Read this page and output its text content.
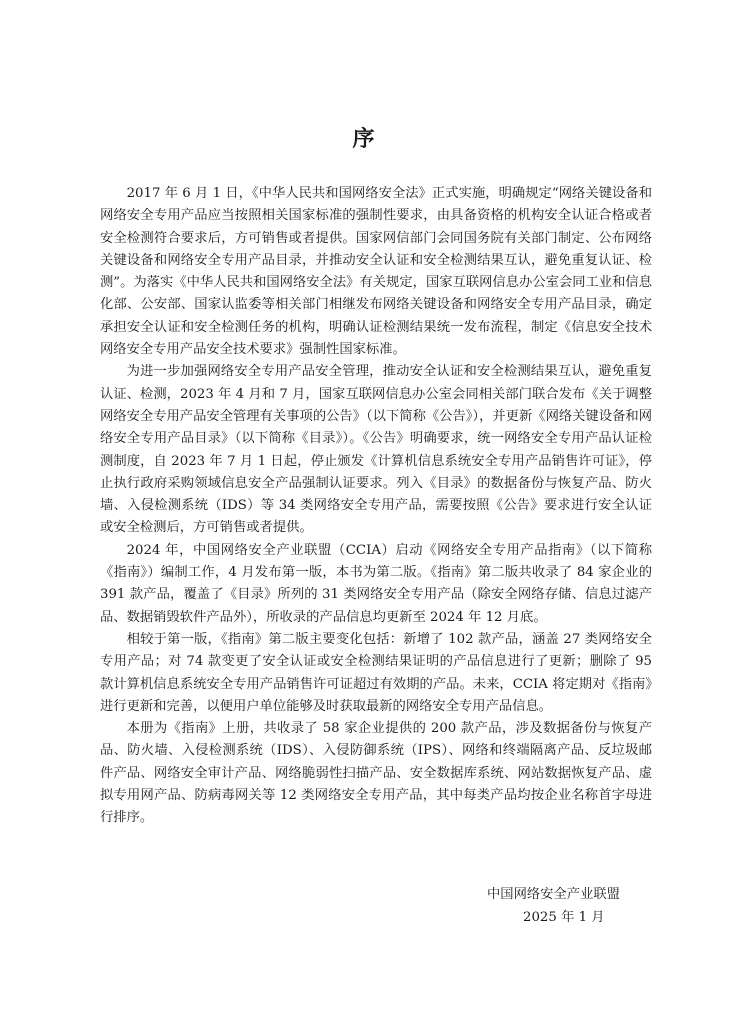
序

2017 年 6 月 1 日，《中华人民共和国网络安全法》正式实施，明确规定“网络关键设备和网络安全专用产品应当按照相关国家标准的强制性要求，由具备资格的机构安全认证合格或者安全检测符合要求后，方可销售或者提供。国家网信部门会同国务院有关部门制定、公布网络关键设备和网络安全专用产品目录，并推动安全认证和安全检测结果互认，避免重复认证、检测”。为落实《中华人民共和国网络安全法》有关规定，国家互联网信息办公室会同工业和信息化部、公安部、国家认监委等相关部门相继发布网络关键设备和网络安全专用产品目录，确定承担安全认证和安全检测任务的机构，明确认证检测结果统一发布流程，制定《信息安全技术 网络安全专用产品安全技术要求》强制性国家标准。

为进一步加强网络安全专用产品安全管理，推动安全认证和安全检测结果互认，避免重复认证、检测，2023 年 4 月和 7 月，国家互联网信息办公室会同相关部门联合发布《关于调整网络安全专用产品安全管理有关事项的公告》（以下简称《公告》），并更新《网络关键设备和网络安全专用产品目录》（以下简称《目录》）。《公告》明确要求，统一网络安全专用产品认证检测制度，自 2023 年 7 月 1 日起，停止颁发《计算机信息系统安全专用产品销售许可证》，停止执行政府采购领域信息安全产品强制认证要求。列入《目录》的数据备份与恢复产品、防火墙、入侵检测系统（IDS）等 34 类网络安全专用产品，需要按照《公告》要求进行安全认证或安全检测后，方可销售或者提供。

2024 年，中国网络安全产业联盟（CCIA）启动《网络安全专用产品指南》（以下简称《指南》）编制工作，4 月发布第一版，本书为第二版。《指南》第二版共收录了 84 家企业的 391 款产品，覆盖了《目录》所列的 31 类网络安全专用产品（除安全网络存储、信息过滤产品、数据销毁软件产品外），所收录的产品信息均更新至 2024 年 12 月底。

相较于第一版，《指南》第二版主要变化包括：新增了 102 款产品，涵盖 27 类网络安全专用产品；对 74 款变更了安全认证或安全检测结果证明的产品信息进行了更新；删除了 95 款计算机信息系统安全专用产品销售许可证超过有效期的产品。未来，CCIA 将定期对《指南》进行更新和完善，以便用户单位能够及时获取最新的网络安全专用产品信息。

本册为《指南》上册，共收录了 58 家企业提供的 200 款产品，涉及数据备份与恢复产品、防火墙、入侵检测系统（IDS）、入侵防御系统（IPS）、网络和终端隔离产品、反垃圾邮件产品、网络安全审计产品、网络脆弱性扫描产品、安全数据库系统、网站数据恢复产品、虚拟专用网产品、防病毒网关等 12 类网络安全专用产品，其中每类产品均按企业名称首字母进行排序。

中国网络安全产业联盟
2025 年 1 月
